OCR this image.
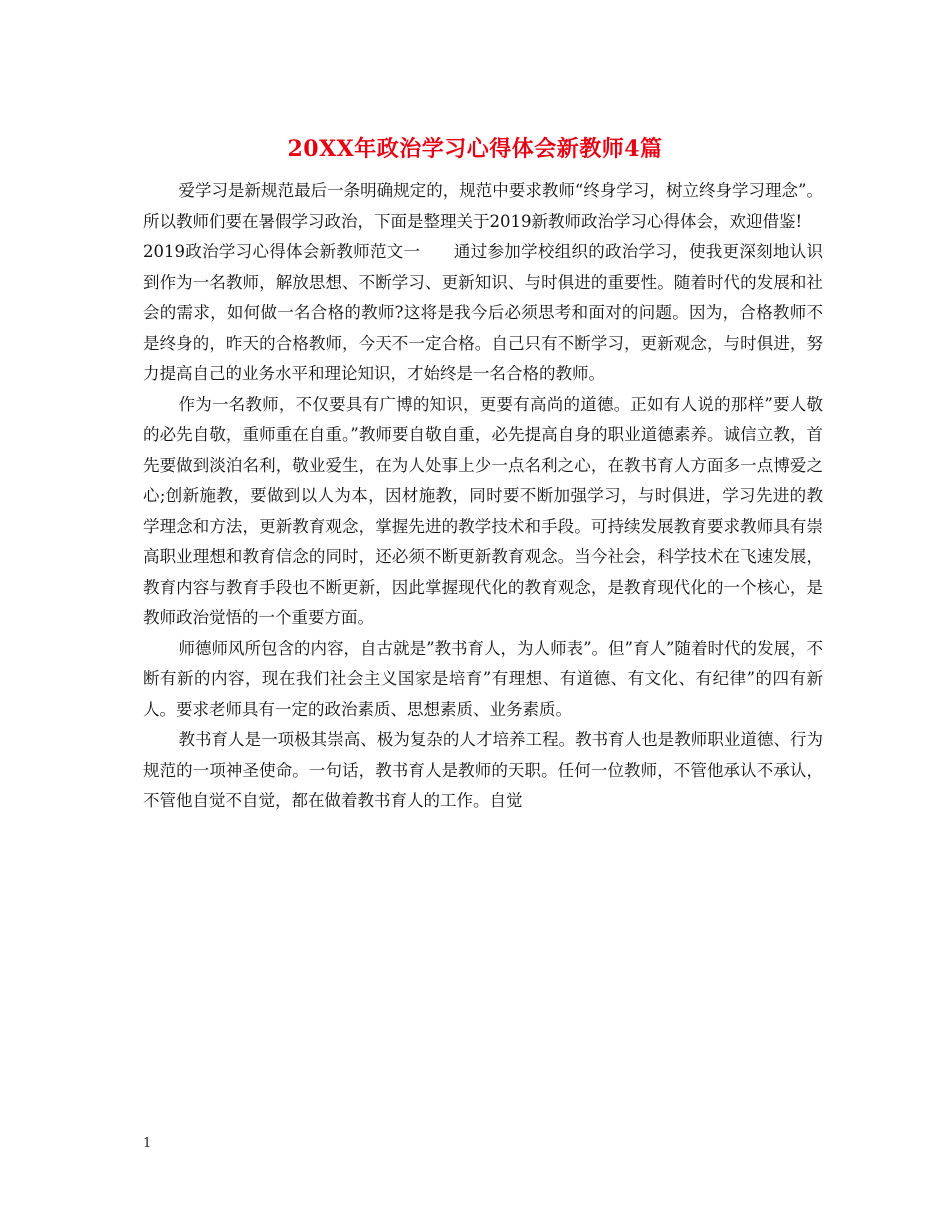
20XX年政治学习心得体会新教师4篇

爱学习是新规范最后一条明确规定的，规范中要求教师“终身学习，树立终身学习理念”。所以教师们要在暑假学习政治，下面是整理关于2019新教师政治学习心得体会，欢迎借鉴!

2019政治学习心得体会新教师范文一　　通过参加学校组织的政治学习，使我更深刻地认识到作为一名教师，解放思想、不断学习、更新知识、与时俱进的重要性。随着时代的发展和社会的需求，如何做一名合格的教师?这将是我今后必须思考和面对的问题。因为，合格教师不是终身的，昨天的合格教师，今天不一定合格。自己只有不断学习，更新观念，与时俱进，努力提高自己的业务水平和理论知识，才始终是一名合格的教师。

作为一名教师，不仅要具有广博的知识，更要有高尚的道德。正如有人说的那样”要人敬的必先自敬，重师重在自重。”教师要自敬自重，必先提高自身的职业道德素养。诚信立教，首先要做到淡泊名利，敬业爱生，在为人处事上少一点名利之心，在教书育人方面多一点博爱之心;创新施教，要做到以人为本，因材施教，同时要不断加强学习，与时俱进，学习先进的教学理念和方法，更新教育观念，掌握先进的教学技术和手段。可持续发展教育要求教师具有崇高职业理想和教育信念的同时，还必须不断更新教育观念。当今社会，科学技术在飞速发展，教育内容与教育手段也不断更新，因此掌握现代化的教育观念，是教育现代化的一个核心，是教师政治觉悟的一个重要方面。

师德师风所包含的内容，自古就是”教书育人，为人师表”。但”育人”随着时代的发展，不断有新的内容，现在我们社会主义国家是培育”有理想、有道德、有文化、有纪律”的四有新人。要求老师具有一定的政治素质、思想素质、业务素质。

教书育人是一项极其崇高、极为复杂的人才培养工程。教书育人也是教师职业道德、行为规范的一项神圣使命。一句话，教书育人是教师的天职。任何一位教师，不管他承认不承认，不管他自觉不自觉，都在做着教书育人的工作。自觉

1
